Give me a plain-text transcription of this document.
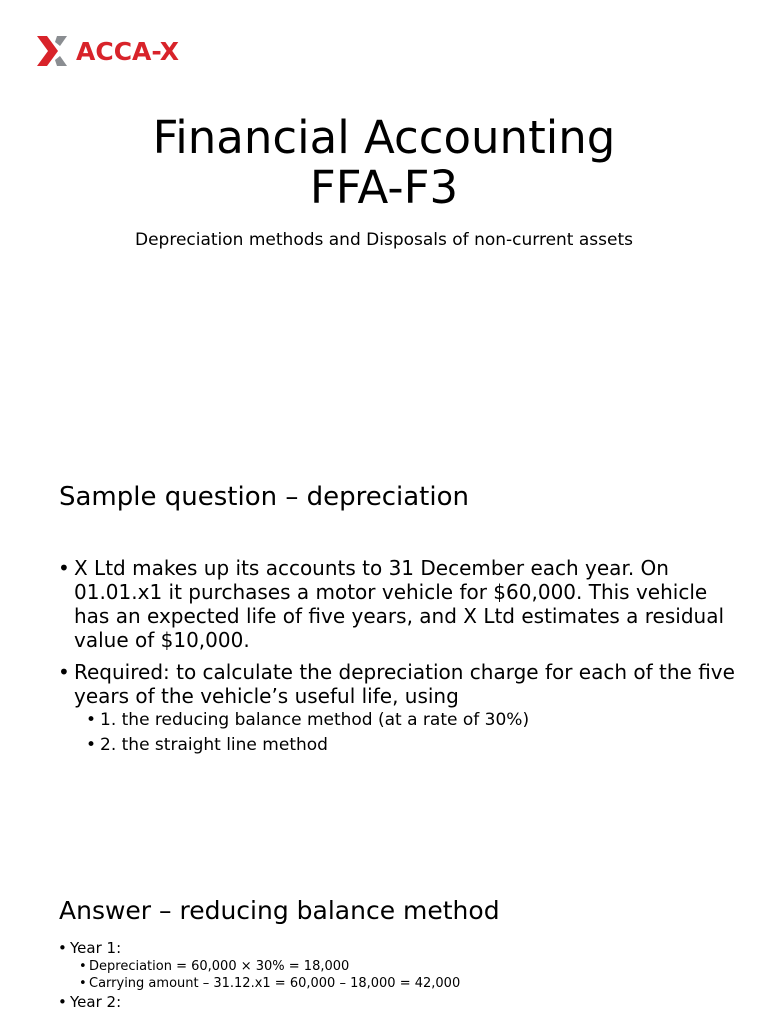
ACCA-X
Financial Accounting
FFA-F3
Depreciation methods and Disposals of non-current assets
Sample question – depreciation
• X Ltd makes up its accounts to 31 December each year. On 01.01.x1 it purchases a motor vehicle for $60,000. This vehicle has an expected life of five years, and X Ltd estimates a residual value of $10,000.
• Required: to calculate the depreciation charge for each of the five years of the vehicle’s useful life, using
• 1. the reducing balance method (at a rate of 30%)
• 2. the straight line method
Answer – reducing balance method
• Year 1:
• Depreciation = 60,000 × 30% = 18,000
• Carrying amount – 31.12.x1 = 60,000 – 18,000 = 42,000
• Year 2:
